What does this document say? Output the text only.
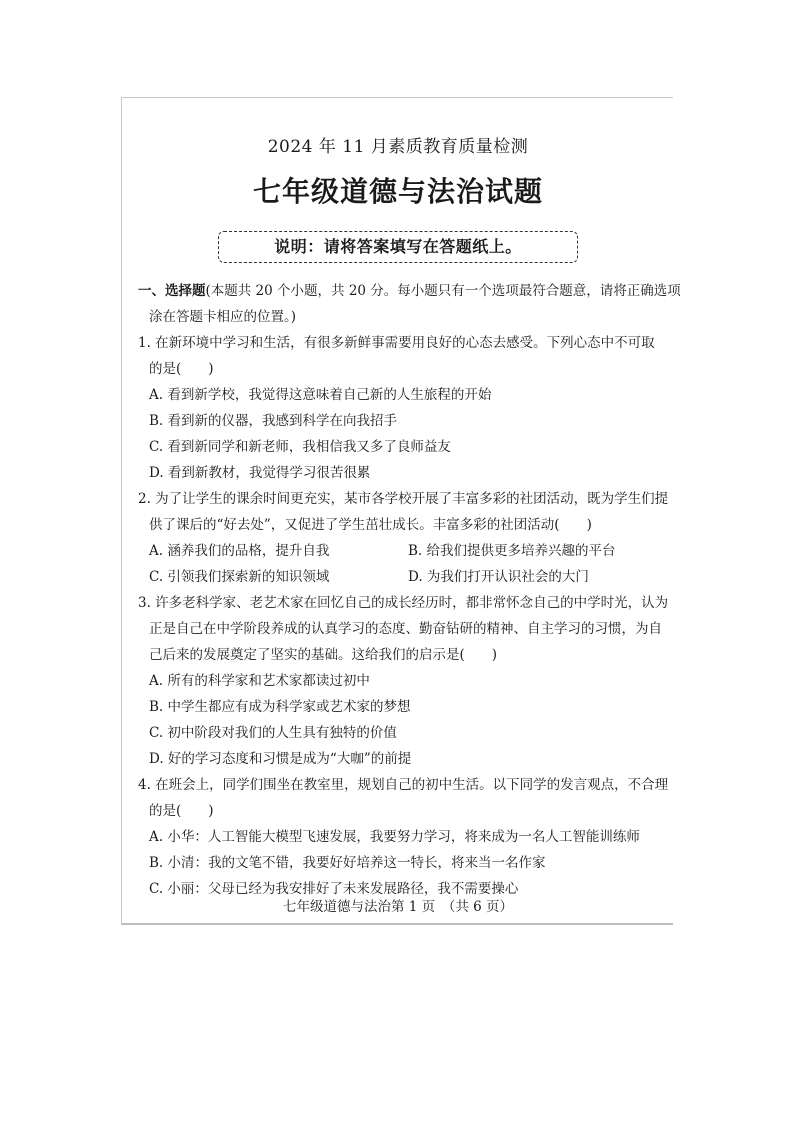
2024 年 11 月素质教育质量检测
七年级道德与法治试题
说明：请将答案填写在答题纸上。
一、选择题(本题共 20 个小题，共 20 分。每小题只有一个选项最符合题意，请将正确选项
涂在答题卡相应的位置。)
1. 在新环境中学习和生活，有很多新鲜事需要用良好的心态去感受。下列心态中不可取
的是(　　)
A. 看到新学校，我觉得这意味着自己新的人生旅程的开始
B. 看到新的仪器，我感到科学在向我招手
C. 看到新同学和新老师，我相信我又多了良师益友
D. 看到新教材，我觉得学习很苦很累
2. 为了让学生的课余时间更充实，某市各学校开展了丰富多彩的社团活动，既为学生们提
供了课后的“好去处”，又促进了学生茁壮成长。丰富多彩的社团活动(　　)
A. 涵养我们的品格，提升自我	B. 给我们提供更多培养兴趣的平台
C. 引领我们探索新的知识领域	D. 为我们打开认识社会的大门
3. 许多老科学家、老艺术家在回忆自己的成长经历时，都非常怀念自己的中学时光，认为
正是自己在中学阶段养成的认真学习的态度、勤奋钻研的精神、自主学习的习惯，为自
己后来的发展奠定了坚实的基础。这给我们的启示是(　　)
A. 所有的科学家和艺术家都读过初中
B. 中学生都应有成为科学家或艺术家的梦想
C. 初中阶段对我们的人生具有独特的价值
D. 好的学习态度和习惯是成为“大咖”的前提
4. 在班会上，同学们围坐在教室里，规划自己的初中生活。以下同学的发言观点，不合理
的是(　　)
A. 小华：人工智能大模型飞速发展，我要努力学习，将来成为一名人工智能训练师
B. 小清：我的文笔不错，我要好好培养这一特长，将来当一名作家
C. 小丽：父母已经为我安排好了未来发展路径，我不需要操心
七年级道德与法治第 1 页　（共 6 页）
